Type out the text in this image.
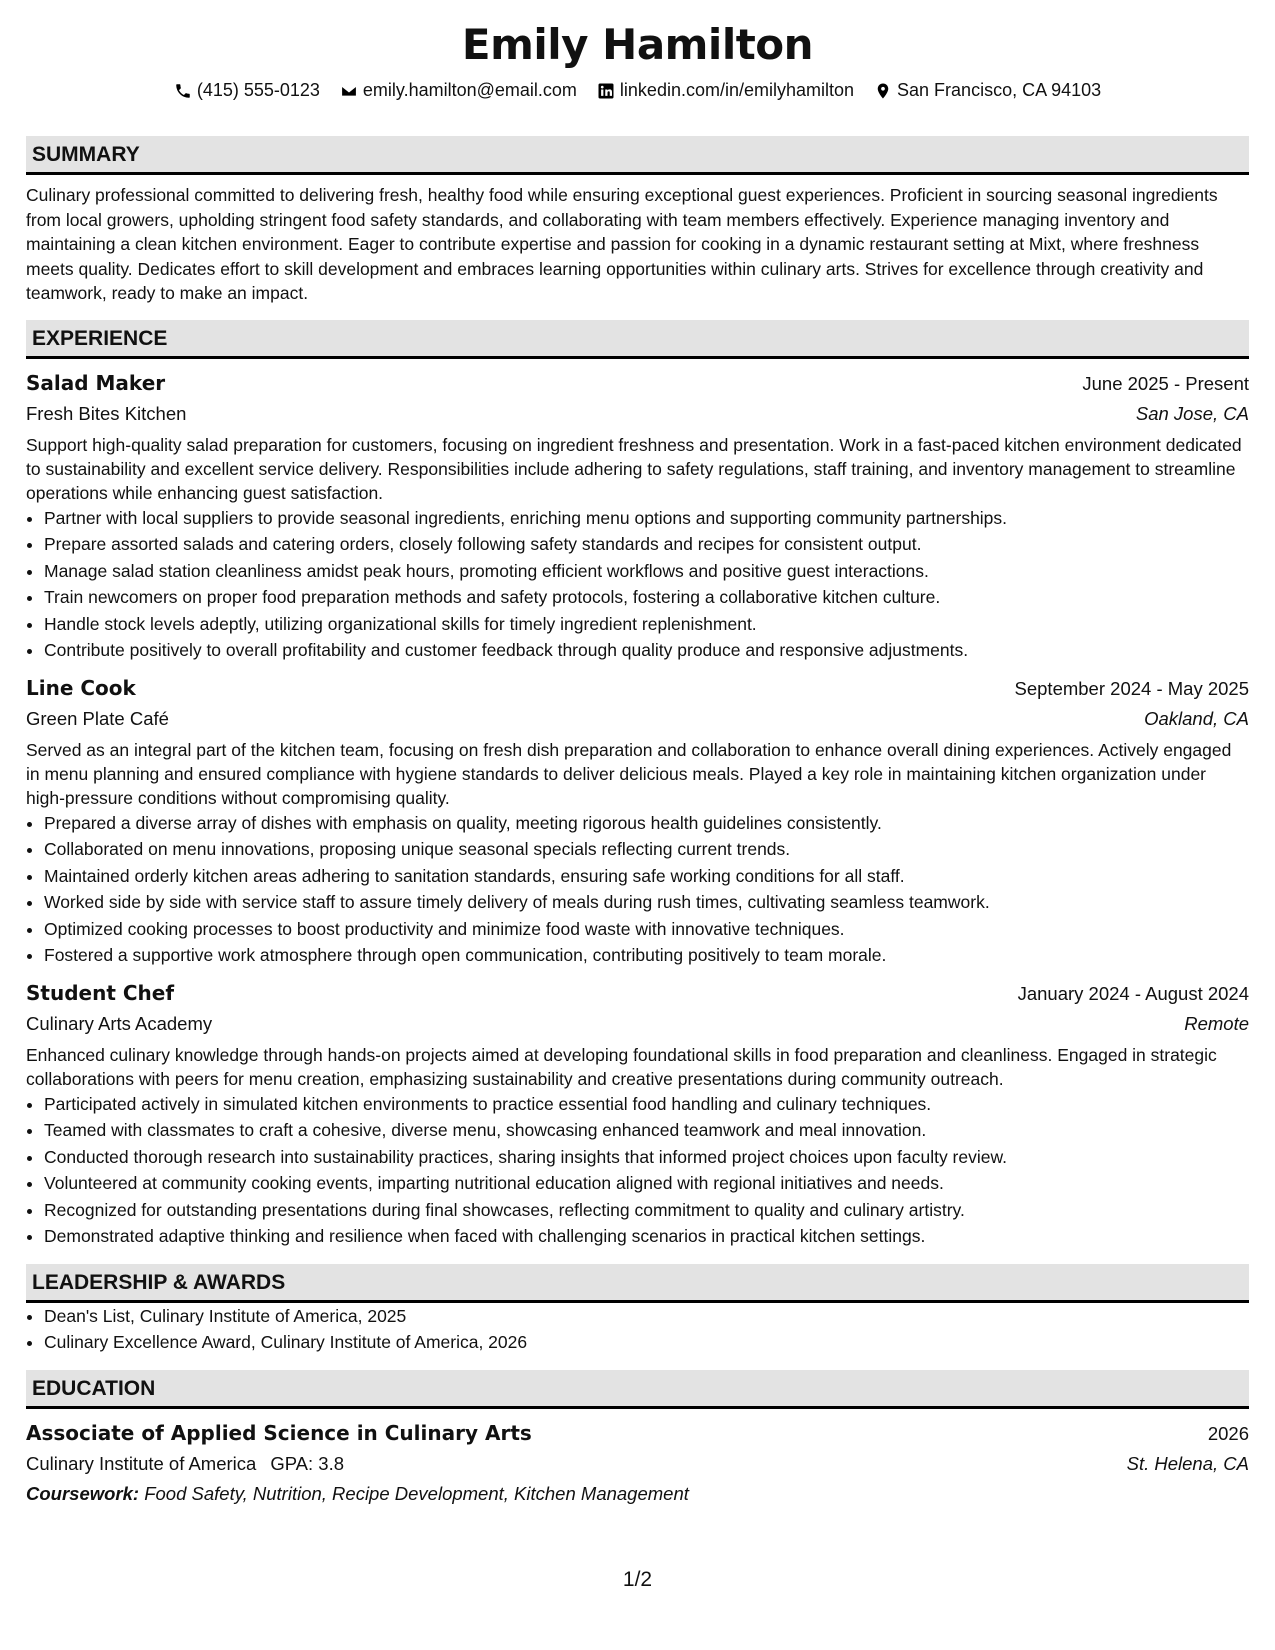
Emily Hamilton
(415) 555-0123 emily.hamilton@email.com linkedin.com/in/emilyhamilton San Francisco, CA 94103
SUMMARY

Culinary professional committed to delivering fresh, healthy food while ensuring exceptional guest experiences. Proficient in sourcing seasonal ingredients from local growers, upholding stringent food safety standards, and collaborating with team members effectively. Experience managing inventory and maintaining a clean kitchen environment. Eager to contribute expertise and passion for cooking in a dynamic restaurant setting at Mixt, where freshness meets quality. Dedicates effort to skill development and embraces learning opportunities within culinary arts. Strives for excellence through creativity and teamwork, ready to make an impact.

EXPERIENCE
Salad Maker	June 2025 - Present
Fresh Bites Kitchen	San Jose, CA
Support high-quality salad preparation for customers, focusing on ingredient freshness and presentation. Work in a fast-paced kitchen environment dedicated to sustainability and excellent service delivery. Responsibilities include adhering to safety regulations, staff training, and inventory management to streamline operations while enhancing guest satisfaction.
• Partner with local suppliers to provide seasonal ingredients, enriching menu options and supporting community partnerships.
• Prepare assorted salads and catering orders, closely following safety standards and recipes for consistent output.
• Manage salad station cleanliness amidst peak hours, promoting efficient workflows and positive guest interactions.
• Train newcomers on proper food preparation methods and safety protocols, fostering a collaborative kitchen culture.
• Handle stock levels adeptly, utilizing organizational skills for timely ingredient replenishment.
• Contribute positively to overall profitability and customer feedback through quality produce and responsive adjustments.
Line Cook	September 2024 - May 2025
Green Plate Café	Oakland, CA
Served as an integral part of the kitchen team, focusing on fresh dish preparation and collaboration to enhance overall dining experiences. Actively engaged in menu planning and ensured compliance with hygiene standards to deliver delicious meals. Played a key role in maintaining kitchen organization under high-pressure conditions without compromising quality.
• Prepared a diverse array of dishes with emphasis on quality, meeting rigorous health guidelines consistently.
• Collaborated on menu innovations, proposing unique seasonal specials reflecting current trends.
• Maintained orderly kitchen areas adhering to sanitation standards, ensuring safe working conditions for all staff.
• Worked side by side with service staff to assure timely delivery of meals during rush times, cultivating seamless teamwork.
• Optimized cooking processes to boost productivity and minimize food waste with innovative techniques.
• Fostered a supportive work atmosphere through open communication, contributing positively to team morale.
Student Chef	January 2024 - August 2024
Culinary Arts Academy	Remote
Enhanced culinary knowledge through hands-on projects aimed at developing foundational skills in food preparation and cleanliness. Engaged in strategic collaborations with peers for menu creation, emphasizing sustainability and creative presentations during community outreach.
• Participated actively in simulated kitchen environments to practice essential food handling and culinary techniques.
• Teamed with classmates to craft a cohesive, diverse menu, showcasing enhanced teamwork and meal innovation.
• Conducted thorough research into sustainability practices, sharing insights that informed project choices upon faculty review.
• Volunteered at community cooking events, imparting nutritional education aligned with regional initiatives and needs.
• Recognized for outstanding presentations during final showcases, reflecting commitment to quality and culinary artistry.
• Demonstrated adaptive thinking and resilience when faced with challenging scenarios in practical kitchen settings.
LEADERSHIP & AWARDS
• Dean's List, Culinary Institute of America, 2025
• Culinary Excellence Award, Culinary Institute of America, 2026
EDUCATION
Associate of Applied Science in Culinary Arts	2026
Culinary Institute of America GPA: 3.8	St. Helena, CA
Coursework: Food Safety, Nutrition, Recipe Development, Kitchen Management
1/2
